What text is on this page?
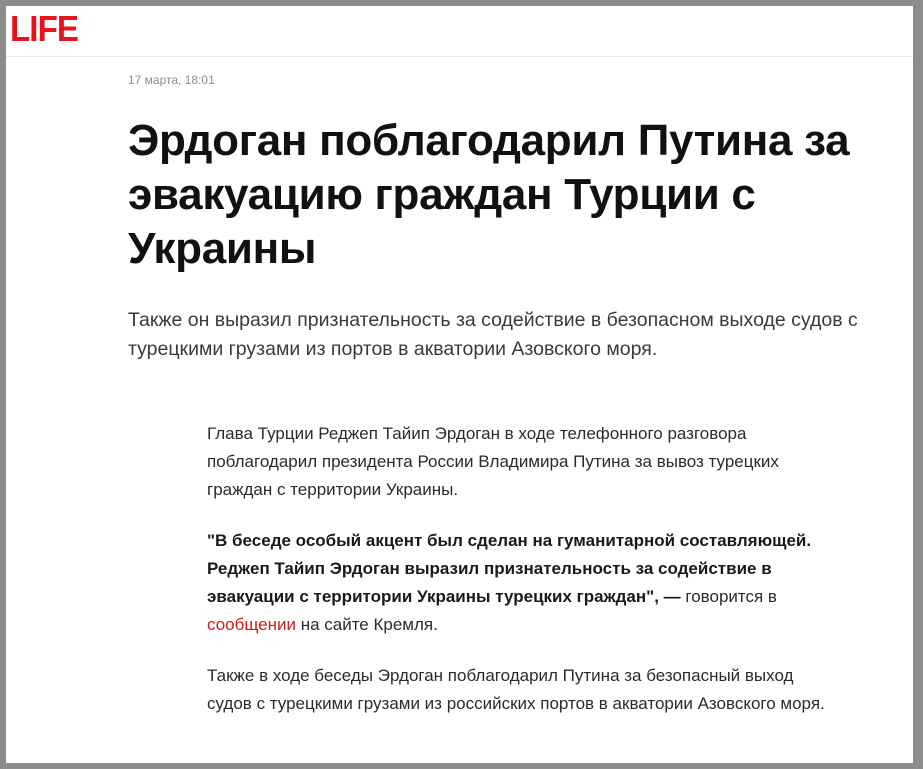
LIFE
17 марта, 18:01
Эрдоган поблагодарил Путина за эвакуацию граждан Турции с Украины

Также он выразил признательность за содействие в безопасном выходе судов с турецкими грузами из портов в акватории Азовского моря.

Глава Турции Реджеп Тайип Эрдоган в ходе телефонного разговора поблагодарил президента России Владимира Путина за вывоз турецких граждан с территории Украины.

"В беседе особый акцент был сделан на гуманитарной составляющей. Реджеп Тайип Эрдоган выразил признательность за содействие в эвакуации с территории Украины турецких граждан", — говорится в сообщении на сайте Кремля.

Также в ходе беседы Эрдоган поблагодарил Путина за безопасный выход судов с турецкими грузами из российских портов в акватории Азовского моря.
